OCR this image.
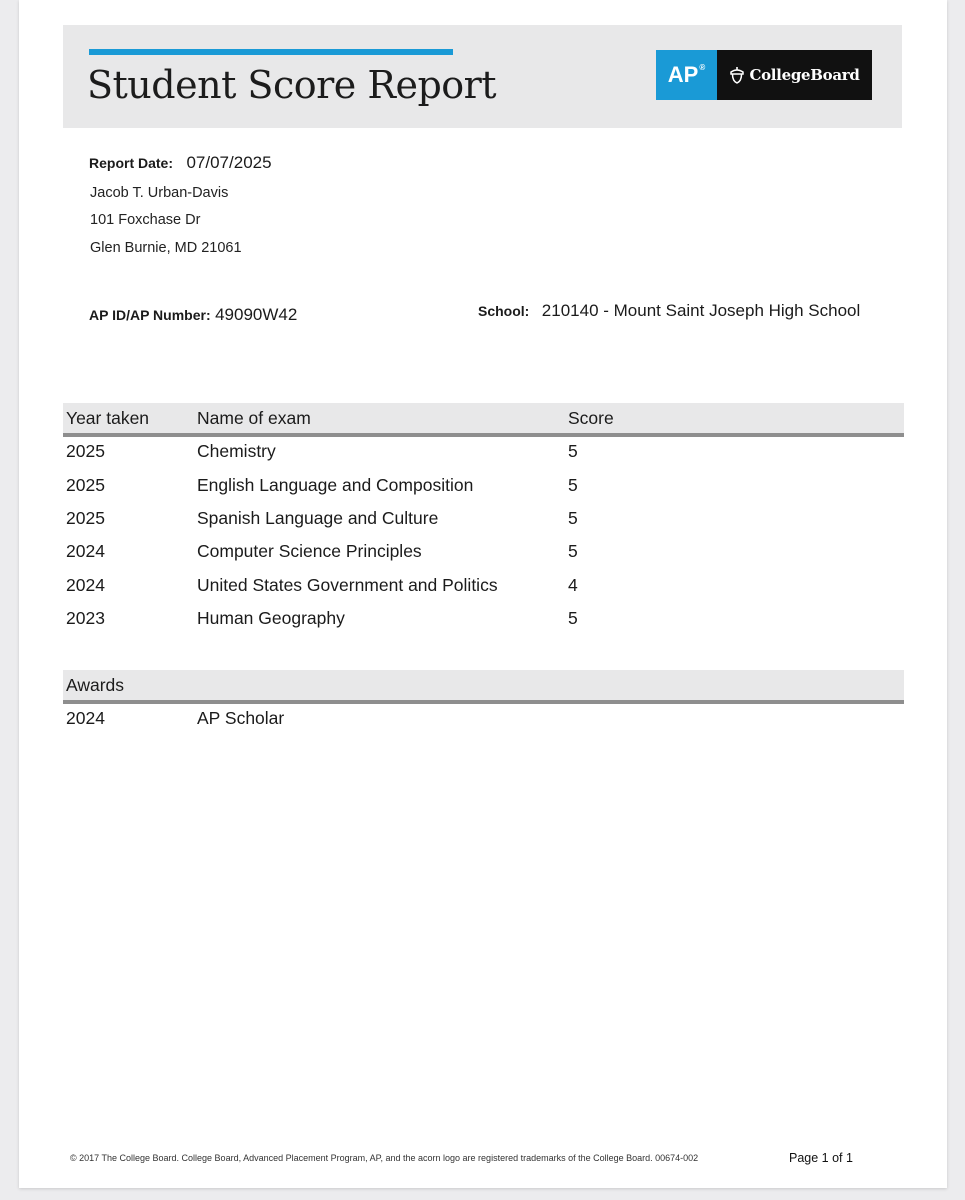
Student Score Report	AP®	CollegeBoard
Report Date: 07/07/2025
Jacob T. Urban-Davis
101 Foxchase Dr
Glen Burnie, MD 21061
AP ID/AP Number: 49090W42	School: 210140 - Mount Saint Joseph High School
Year taken	Name of exam	Score
2025	Chemistry	5
2025	English Language and Composition	5
2025	Spanish Language and Culture	5
2024	Computer Science Principles	5
2024	United States Government and Politics	4
2023	Human Geography	5
Awards
2024	AP Scholar
© 2017 The College Board. College Board, Advanced Placement Program, AP, and the acorn logo are registered trademarks of the College Board. 00674-002	Page 1 of 1
